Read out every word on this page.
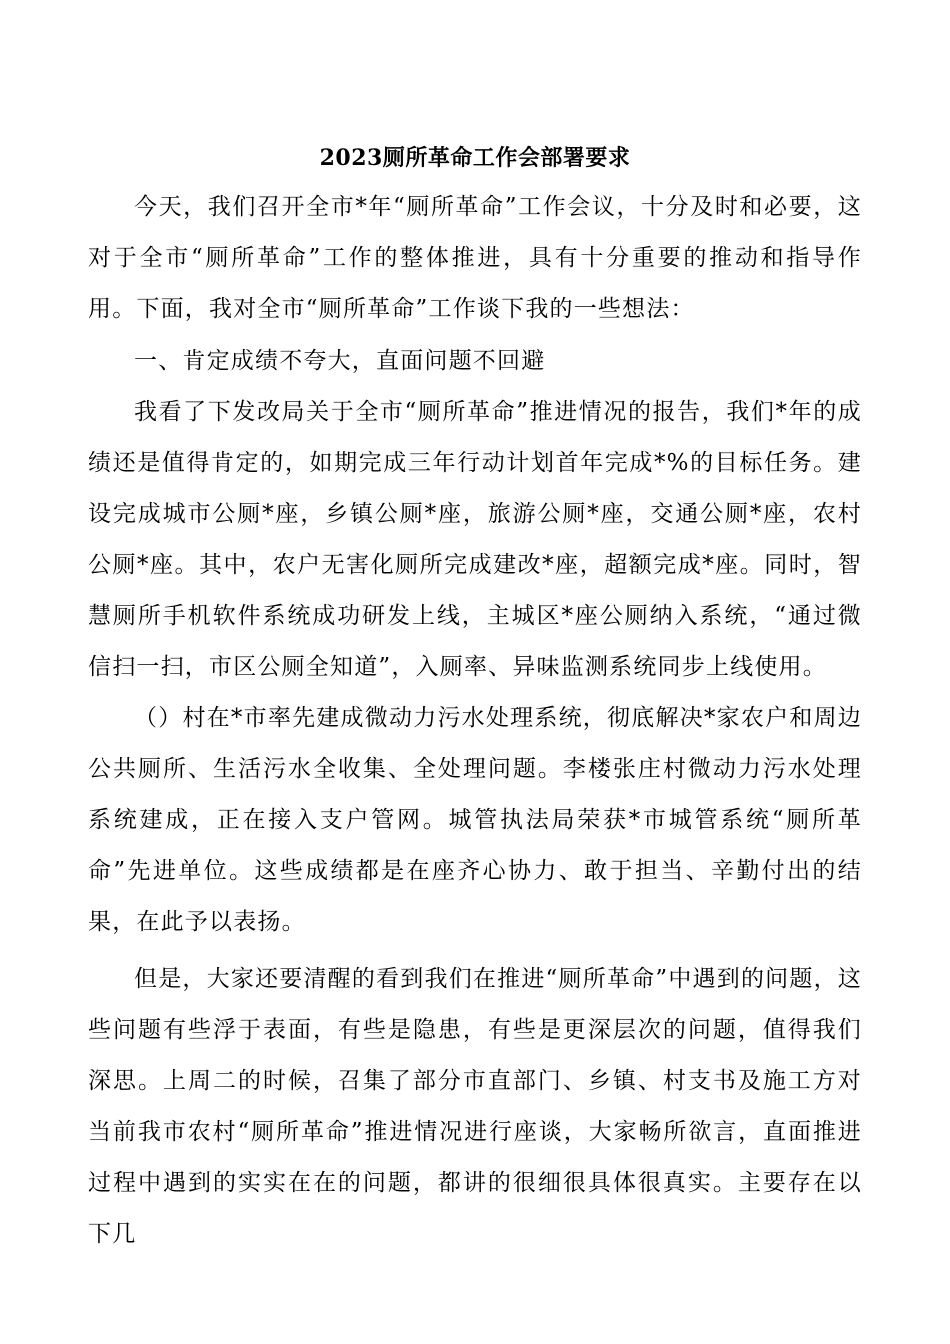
2023厕所革命工作会部署要求

今天，我们召开全市*年“厕所革命”工作会议，十分及时和必要，这对于全市“厕所革命”工作的整体推进，具有十分重要的推动和指导作用。下面，我对全市“厕所革命”工作谈下我的一些想法：

一、肯定成绩不夸大，直面问题不回避

我看了下发改局关于全市“厕所革命”推进情况的报告，我们*年的成绩还是值得肯定的，如期完成三年行动计划首年完成*%的目标任务。建设完成城市公厕*座，乡镇公厕*座，旅游公厕*座，交通公厕*座，农村公厕*座。其中，农户无害化厕所完成建改*座，超额完成*座。同时，智慧厕所手机软件系统成功研发上线，主城区*座公厕纳入系统，“通过微信扫一扫，市区公厕全知道”，入厕率、异味监测系统同步上线使用。

（）村在*市率先建成微动力污水处理系统，彻底解决*家农户和周边公共厕所、生活污水全收集、全处理问题。李楼张庄村微动力污水处理系统建成，正在接入支户管网。城管执法局荣获*市城管系统“厕所革命”先进单位。这些成绩都是在座齐心协力、敢于担当、辛勤付出的结果，在此予以表扬。

但是，大家还要清醒的看到我们在推进“厕所革命”中遇到的问题，这些问题有些浮于表面，有些是隐患，有些是更深层次的问题，值得我们深思。上周二的时候，召集了部分市直部门、乡镇、村支书及施工方对当前我市农村“厕所革命”推进情况进行座谈，大家畅所欲言，直面推进过程中遇到的实实在在的问题，都讲的很细很具体很真实。主要存在以下几
